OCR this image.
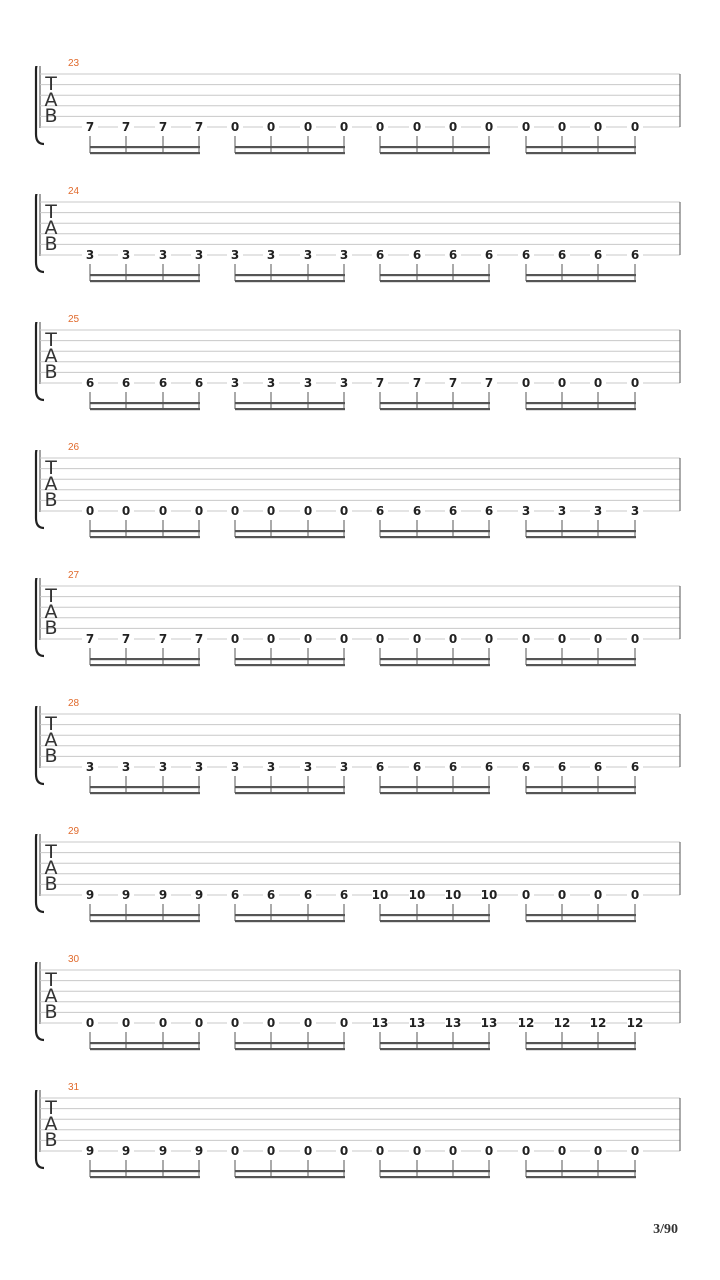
23
T
A
B 7 7 7 7 0 0 0 0 0 0 0 0 0 0 0 0
24
T
A
B 3 3 3 3 3 3 3 3 6 6 6 6 6 6 6 6
25
T
A
B 6 6 6 6 3 3 3 3 7 7 7 7 0 0 0 0
26
T
A
B 0 0 0 0 0 0 0 0 6 6 6 6 3 3 3 3
27
T
A
B 7 7 7 7 0 0 0 0 0 0 0 0 0 0 0 0
28
T
A
B 3 3 3 3 3 3 3 3 6 6 6 6 6 6 6 6
29
T
A
B 9 9 9 9 6 6 6 6 10 10 10 10 0 0 0 0
30
T
A
B 0 0 0 0 0 0 0 0 13 13 13 13 12 12 12 12
31
T
A
B 9 9 9 9 0 0 0 0 0 0 0 0 0 0 0 0
3/90
